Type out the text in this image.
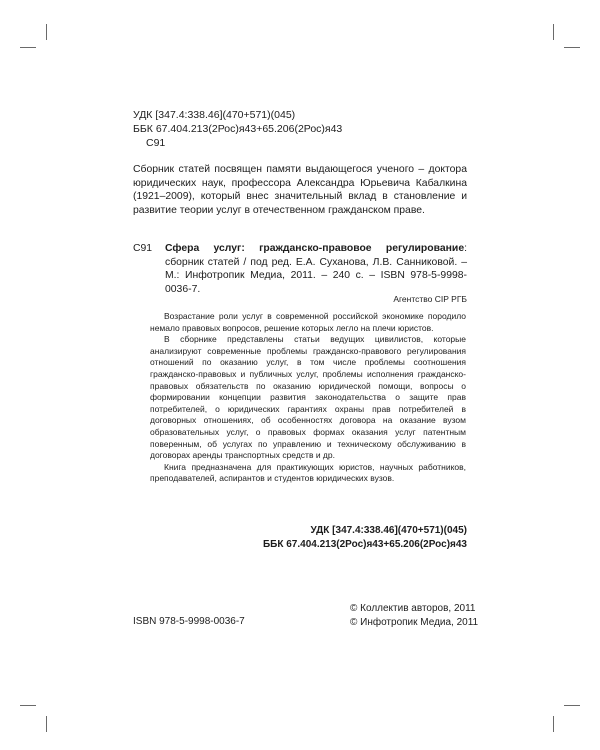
УДК [347.4:338.46](470+571)(045)
ББК 67.404.213(2Рос)я43+65.206(2Рос)я43
С91

Сборник статей посвящен памяти выдающегося ученого – доктора юридических наук, профессора Александра Юрьевича Кабалкина (1921–2009), который внес значительный вклад в становление и развитие теории услуг в отечественном гражданском праве.

С91 Сфера услуг: гражданско-правовое регулирование: сборник статей / под ред. Е.А. Суханова, Л.В. Санниковой. – М.: Инфотропик Медиа, 2011. – 240 с. – ISBN 978-5-9998-0036-7.
Агентство CIP РГБ

Возрастание роли услуг в современной российской экономике породило немало правовых вопросов, решение которых легло на плечи юристов.

В сборнике представлены статьи ведущих цивилистов, которые анализируют современные проблемы гражданско-правового регулирования отношений по оказанию услуг, в том числе проблемы соотношения гражданско-правовых и публичных услуг, проблемы исполнения гражданско-правовых обязательств по оказанию юридической помощи, вопросы о формировании концепции развития законодательства о защите прав потребителей, о юридических гарантиях охраны прав потребителей в договорных отношениях, об особенностях договора на оказание вузом образовательных услуг, о правовых формах оказания услуг патентным поверенным, об услугах по управлению и техническому обслуживанию в договорах аренды транспортных средств и др.

Книга предназначена для практикующих юристов, научных работников, преподавателей, аспирантов и студентов юридических вузов.

УДК [347.4:338.46](470+571)(045)
ББК 67.404.213(2Рос)я43+65.206(2Рос)я43
ISBN 978-5-9998-0036-7
© Коллектив авторов, 2011
© Инфотропик Медиа, 2011
